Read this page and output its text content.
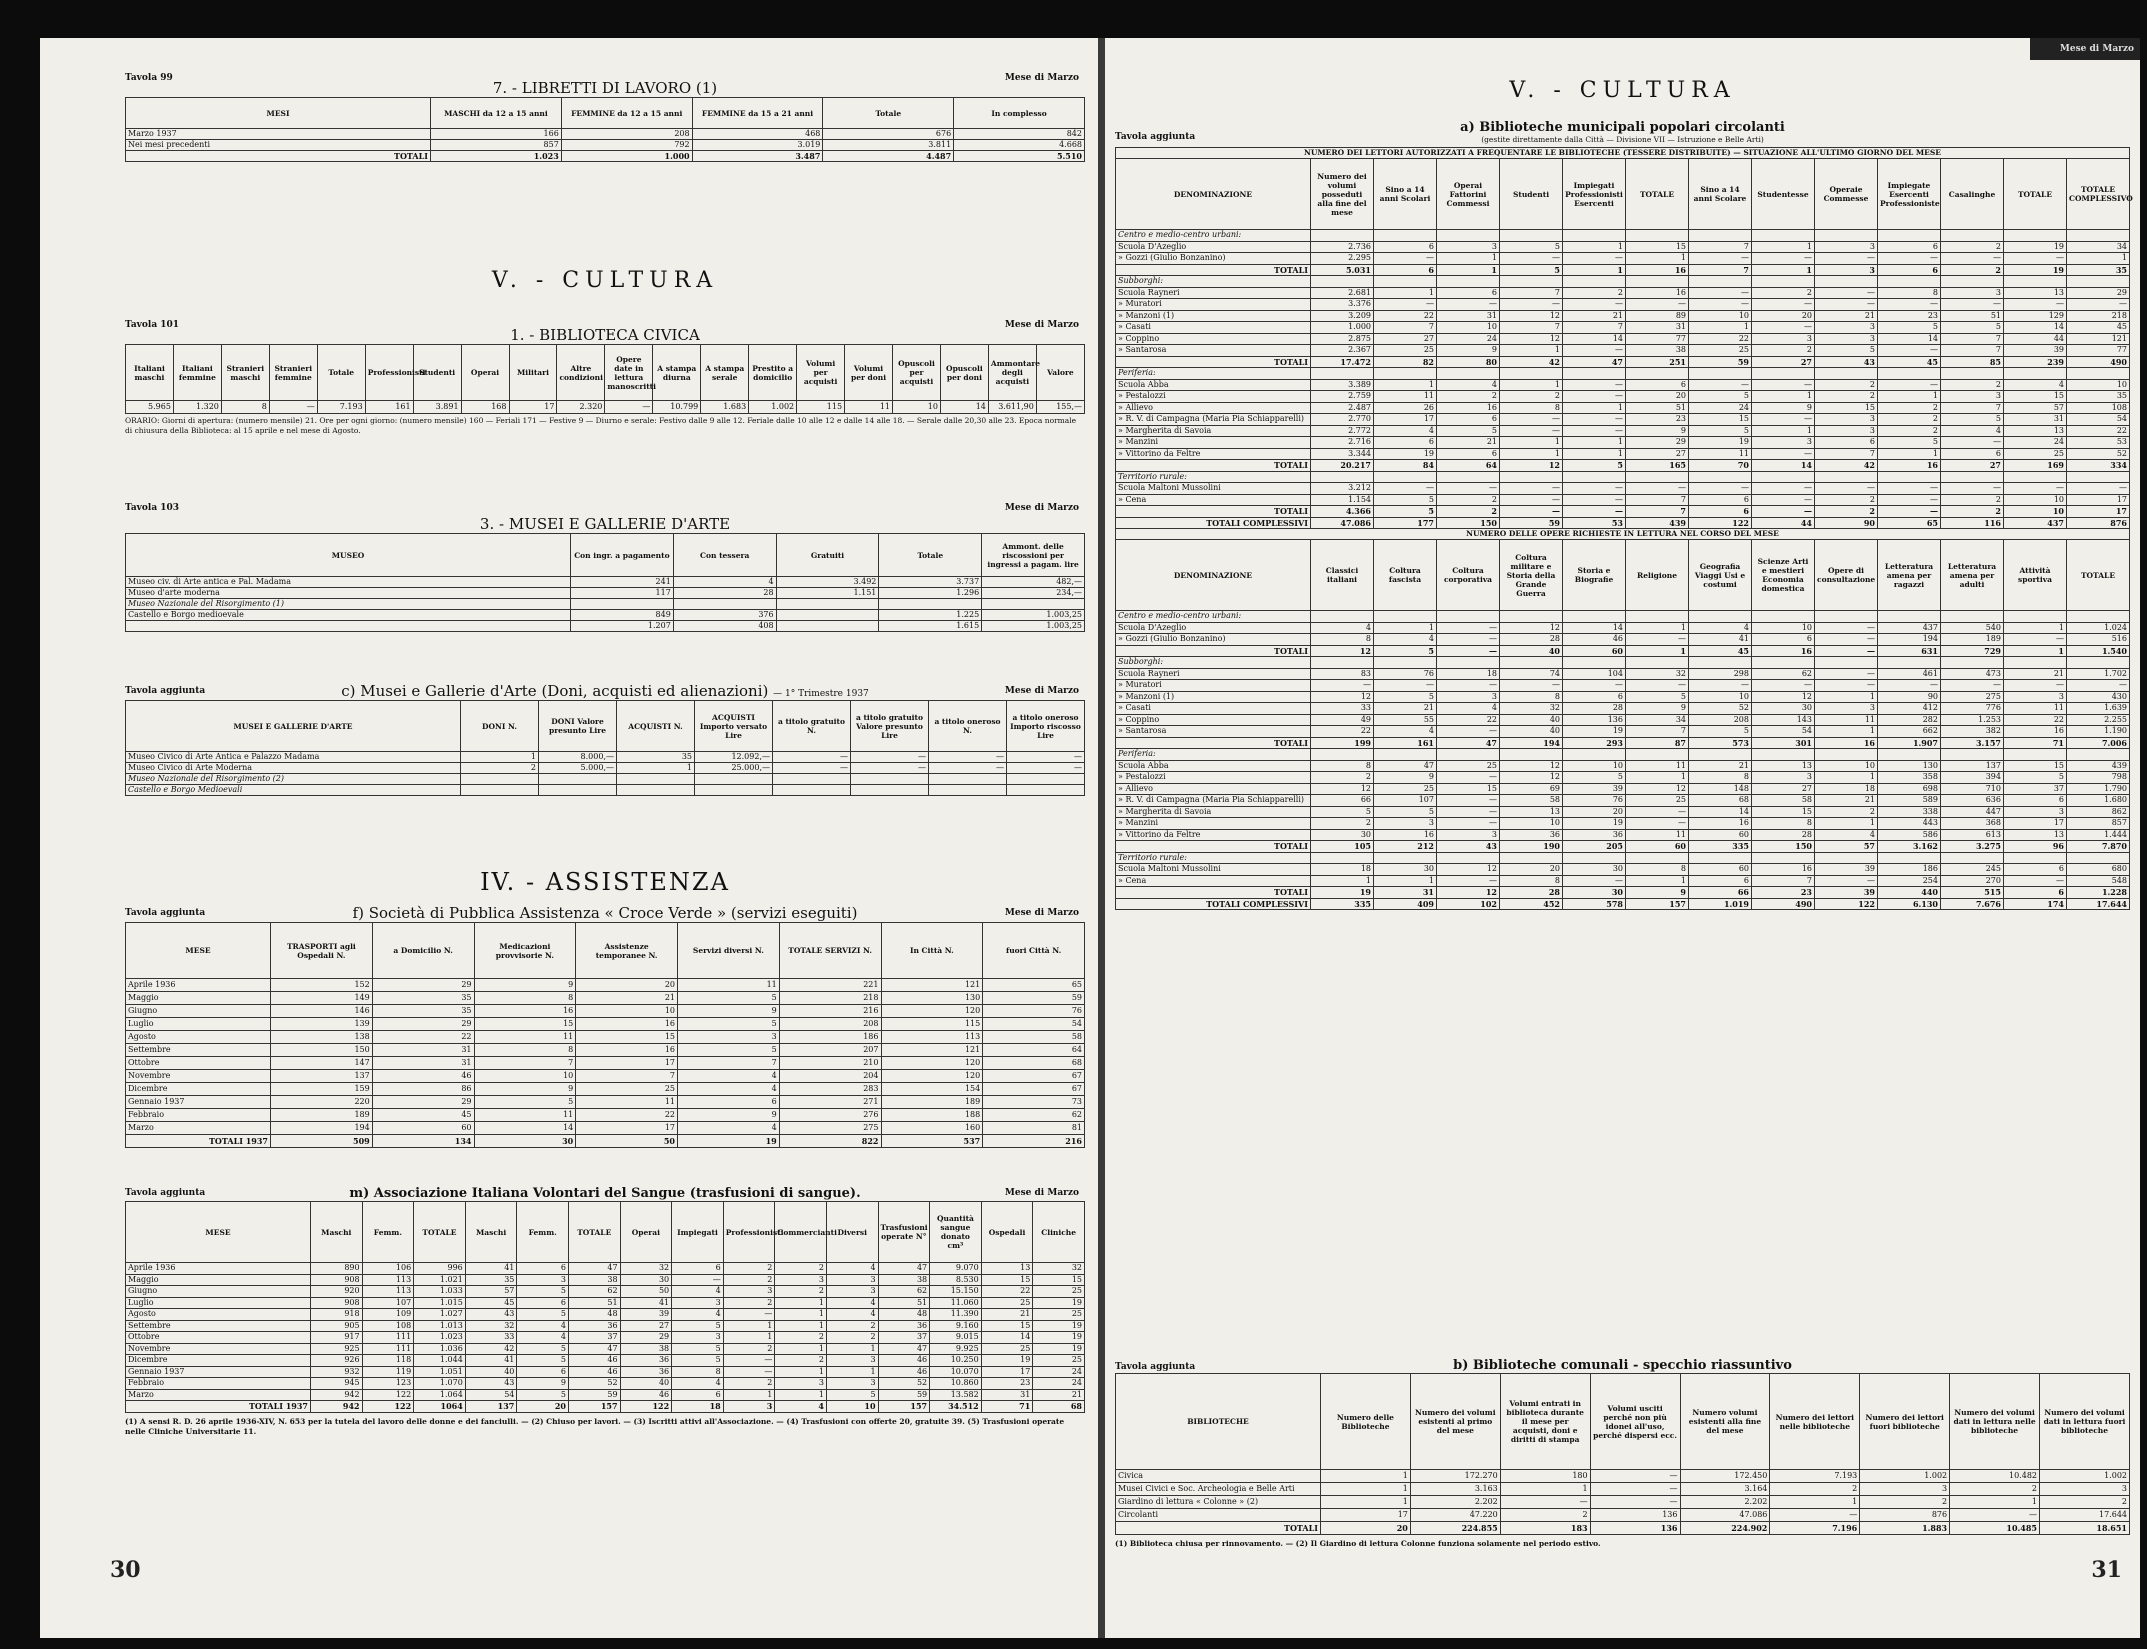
Tavola 99	Mese di Marzo
7. - LIBRETTI DI LAVORO (1)
MESI	MASCHI da 12 a 15 anni	FEMMINE da 12 a 15 anni	FEMMINE da 15 a 21 anni	Totale	In complesso
Marzo 1937	166	208	468	676	842
Nei mesi precedenti	857	792	3.019	3.811	4.668
TOTALI	1.023	1.000	3.487	4.487	5.510
V. - CULTURA
Tavola 101	Mese di Marzo
1. - BIBLIOTECA CIVICA
Italiani maschi	Italiani femmine	Stranieri maschi	Stranieri femmine	Totale	Professionisti	Studenti	Operai	Militari	Altre condizioni	Opere date in lettura manoscritti	A stampa diurna	A stampa serale	Prestito a domicilio	Volumi per acquisti	Volumi per doni	Opuscoli per acquisti	Opuscoli per doni	Ammontare degli acquisti	Valore
5.965	1.320	8	—	7.193	161	3.891	168	17	2.320	—	10.799	1.683	1.002	115	11	10	14	3.611,90	155,—
ORARIO: Giorni di apertura: (numero mensile) 21. Ore per ogni giorno: (numero mensile) 160 — Feriali 171 — Festive 9 — Diurno e serale: Festivo dalle 9 alle 12. Feriale dalle 10 alle 12 e dalle 14 alle 18. — Serale dalle 20,30 alle 23. Epoca normale di chiusura della Biblioteca: al 15 aprile e nel mese di Agosto.
Tavola 103	Mese di Marzo
3. - MUSEI E GALLERIE D'ARTE
MUSEO	Con ingr. a pagamento	Con tessera	Gratuiti	Totale	Ammont. delle riscossioni per ingressi a pagam. lire
Museo civ. di Arte antica e Pal. Madama	241	4	3.492	3.737	482,—
Museo d'arte moderna	117	28	1.151	1.296	234,—
Museo Nazionale del Risorgimento (1)					
Castello e Borgo medioevale	849	376		1.225	1.003,25
	1.207	408		1.615	1.003,25
Tavola aggiunta	Mese di Marzo
c) Musei e Gallerie d'Arte (Doni, acquisti ed alienazioni) — 1° Trimestre 1937
MUSEI E GALLERIE D'ARTE	DONI N.	DONI Valore presunto Lire	ACQUISTI N.	ACQUISTI Importo versato Lire	a titolo gratuito N.	a titolo gratuito Valore presunto Lire	a titolo oneroso N.	a titolo oneroso Importo riscosso Lire
Museo Civico di Arte Antica e Palazzo Madama	1	8.000,—	35	12.092,—	—	—	—	—
Museo Civico di Arte Moderna	2	5.000,—	1	25.000,—	—	—	—	—
Museo Nazionale del Risorgimento (2)								
Castello e Borgo Medioevali								
IV. - ASSISTENZA
Tavola aggiunta	Mese di Marzo
f) Società di Pubblica Assistenza « Croce Verde » (servizi eseguiti)
MESE	TRASPORTI agli Ospedali N.	a Domicilio N.	Medicazioni provvisorie N.	Assistenze temporanee N.	Servizi diversi N.	TOTALE SERVIZI N.	In Città N.	fuori Città N.
Aprile 1936	152	29	9	20	11	221	121	65
Maggio	149	35	8	21	5	218	130	59
Giugno	146	35	16	10	9	216	120	76
Luglio	139	29	15	16	5	208	115	54
Agosto	138	22	11	15	3	186	113	58
Settembre	150	31	8	16	5	207	121	64
Ottobre	147	31	7	17	7	210	120	68
Novembre	137	46	10	7	4	204	120	67
Dicembre	159	86	9	25	4	283	154	67
Gennaio 1937	220	29	5	11	6	271	189	73
Febbraio	189	45	11	22	9	276	188	62
Marzo	194	60	14	17	4	275	160	81
TOTALI 1937	509	134	30	50	19	822	537	216
Tavola aggiunta	Mese di Marzo
m) Associazione Italiana Volontari del Sangue (trasfusioni di sangue).
MESE	Maschi	Femm.	TOTALE	Maschi	Femm.	TOTALE	Operai	Impiegati	Professionisti	Commercianti	Diversi	Trasfusioni operate N°	Quantità sangue donato cm³	Ospedali	Cliniche
Aprile 1936	890	106	996	41	6	47	32	6	2	2	4	47	9.070	13	32
Maggio	908	113	1.021	35	3	38	30	—	2	3	3	38	8.530	15	15
Giugno	920	113	1.033	57	5	62	50	4	3	2	3	62	15.150	22	25
Luglio	908	107	1.015	45	6	51	41	3	2	1	4	51	11.060	25	19
Agosto	918	109	1.027	43	5	48	39	4	—	1	4	48	11.390	21	25
Settembre	905	108	1.013	32	4	36	27	5	1	1	2	36	9.160	15	19
Ottobre	917	111	1.023	33	4	37	29	3	1	2	2	37	9.015	14	19
Novembre	925	111	1.036	42	5	47	38	5	2	1	1	47	9.925	25	19
Dicembre	926	118	1.044	41	5	46	36	5	—	2	3	46	10.250	19	25
Gennaio 1937	932	119	1.051	40	6	46	36	8	—	1	1	46	10.070	17	24
Febbraio	945	123	1.070	43	9	52	40	4	2	3	3	52	10.860	23	24
Marzo	942	122	1.064	54	5	59	46	6	1	1	5	59	13.582	31	21
TOTALI 1937	942	122	1064	137	20	157	122	18	3	4	10	157	34.512	71	68
(1) A sensi R. D. 26 aprile 1936-XIV, N. 653 per la tutela del lavoro delle donne e dei fanciulli. — (2) Chiuso per lavori. — (3) Iscritti attivi all'Associazione. — (4) Trasfusioni con offerte 20, gratuite 39. (5) Trasfusioni operate nelle Cliniche Universitarie 11.
30
Mese di Marzo
V. - CULTURA
Tavola aggiunta
a) Biblioteche municipali popolari circolanti
(gestite direttamente dalla Città — Divisione VII — Istruzione e Belle Arti)
NUMERO DEI LETTORI AUTORIZZATI A FREQUENTARE LE BIBLIOTECHE (TESSERE DISTRIBUITE) — SITUAZIONE ALL'ULTIMO GIORNO DEL MESE
DENOMINAZIONE	Numero dei volumi posseduti alla fine del mese	Sino a 14 anni Scolari	Operai Fattorini Commessi	Studenti	Impiegati Professionisti Esercenti	TOTALE	Sino a 14 anni Scolare	Studentesse	Operaie Commesse	Impiegate Esercenti Professioniste	Casalinghe	TOTALE	TOTALE COMPLESSIVO
Centro e medio-centro urbani:													
Scuola D'Azeglio	2.736	6	3	5	1	15	7	1	3	6	2	19	34
» Gozzi (Giulio Bonzanino)	2.295	—	1	—	—	1	—	—	—	—	—	—	1
TOTALI	5.031	6	1	5	1	16	7	1	3	6	2	19	35
Subborghi:													
Scuola Rayneri	2.681	1	6	7	2	16	—	2	—	8	3	13	29
» Muratori	3.376	—	—	—	—	—	—	—	—	—	—	—	—
» Manzoni (1)	3.209	22	31	12	21	89	10	20	21	23	51	129	218
» Casati	1.000	7	10	7	7	31	1	—	3	5	5	14	45
» Coppino	2.875	27	24	12	14	77	22	3	3	14	7	44	121
» Santarosa	2.367	25	9	1	—	38	25	2	5	—	7	39	77
TOTALI	17.472	82	80	42	47	251	59	27	43	45	85	239	490
Periferia:													
Scuola Abba	3.389	1	4	1	—	6	—	—	2	—	2	4	10
» Pestalozzi	2.759	11	2	2	—	20	5	1	2	1	3	15	35
» Allievo	2.487	26	16	8	1	51	24	9	15	2	7	57	108
» R. V. di Campagna (Maria Pia Schiapparelli)	2.770	17	6	—	—	23	15	—	3	2	5	31	54
» Margherita di Savoia	2.772	4	5	—	—	9	5	1	3	2	4	13	22
» Manzini	2.716	6	21	1	1	29	19	3	6	5	—	24	53
» Vittorino da Feltre	3.344	19	6	1	1	27	11	—	7	1	6	25	52
TOTALI	20.217	84	64	12	5	165	70	14	42	16	27	169	334
Territorio rurale:													
Scuola Maltoni Mussolini	3.212	—	—	—	—	—	—	—	—	—	—	—	—
» Cena	1.154	5	2	—	—	7	6	—	2	—	2	10	17
TOTALI	4.366	5	2	—	—	7	6	—	2	—	2	10	17
TOTALI COMPLESSIVI	47.086	177	150	59	53	439	122	44	90	65	116	437	876
NUMERO DELLE OPERE RICHIESTE IN LETTURA NEL CORSO DEL MESE
DENOMINAZIONE	Classici italiani	Coltura fascista	Coltura corporativa	Coltura militare e Storia della Grande Guerra	Storia e Biografie	Religione	Geografia Viaggi Usi e costumi	Scienze Arti e mestieri Economia domestica	Opere di consultazione	Letteratura amena per ragazzi	Letteratura amena per adulti	Attività sportiva	TOTALE
Centro e medio-centro urbani:													
Scuola D'Azeglio	4	1	—	12	14	1	4	10	—	437	540	1	1.024
» Gozzi (Giulio Bonzanino)	8	4	—	28	46	—	41	6	—	194	189	—	516
TOTALI	12	5	—	40	60	1	45	16	—	631	729	1	1.540
Subborghi:													
Scuola Rayneri	83	76	18	74	104	32	298	62	—	461	473	21	1.702
» Muratori	—	—	—	—	—	—	—	—	—	—	—	—	—
» Manzoni (1)	12	5	3	8	6	5	10	12	1	90	275	3	430
» Casati	33	21	4	32	28	9	52	30	3	412	776	11	1.639
» Coppino	49	55	22	40	136	34	208	143	11	282	1.253	22	2.255
» Santarosa	22	4	—	40	19	7	5	54	1	662	382	16	1.190
TOTALI	199	161	47	194	293	87	573	301	16	1.907	3.157	71	7.006
Periferia:													
Scuola Abba	8	47	25	12	10	11	21	13	10	130	137	15	439
» Pestalozzi	2	9	—	12	5	1	8	3	1	358	394	5	798
» Allievo	12	25	15	69	39	12	148	27	18	698	710	37	1.790
» R. V. di Campagna (Maria Pia Schiapparelli)	66	107	—	58	76	25	68	58	21	589	636	6	1.680
» Margherita di Savoia	5	5	—	13	20	—	14	15	2	338	447	3	862
» Manzini	2	3	—	10	19	—	16	8	1	443	368	17	857
» Vittorino da Feltre	30	16	3	36	36	11	60	28	4	586	613	13	1.444
TOTALI	105	212	43	190	205	60	335	150	57	3.162	3.275	96	7.870
Territorio rurale:													
Scuola Maltoni Mussolini	18	30	12	20	30	8	60	16	39	186	245	6	680
» Cena	1	1	—	8	—	1	6	7	—	254	270	—	548
TOTALI	19	31	12	28	30	9	66	23	39	440	515	6	1.228
TOTALI COMPLESSIVI	335	409	102	452	578	157	1.019	490	122	6.130	7.676	174	17.644
Tavola aggiunta	b) Biblioteche comunali - specchio riassuntivo
BIBLIOTECHE	Numero delle Biblioteche	Numero dei volumi esistenti al primo del mese	Volumi entrati in biblioteca durante il mese per acquisti, doni e diritti di stampa	Volumi usciti perché non più idonei all'uso, perché dispersi ecc.	Numero volumi esistenti alla fine del mese	Numero dei lettori nelle biblioteche	Numero dei lettori fuori biblioteche	Numero dei volumi dati in lettura nelle biblioteche	Numero dei volumi dati in lettura fuori biblioteche
Civica	1	172.270	180	—	172.450	7.193	1.002	10.482	1.002
Musei Civici e Soc. Archeologia e Belle Arti	1	3.163	1	—	3.164	2	3	2	3
Giardino di lettura « Colonne » (2)	1	2.202	—	—	2.202	1	2	1	2
Circolanti	17	47.220	2	136	47.086	—	876	—	17.644
TOTALI	20	224.855	183	136	224.902	7.196	1.883	10.485	18.651
(1) Biblioteca chiusa per rinnovamento. — (2) Il Giardino di lettura Colonne funziona solamente nel periodo estivo.
31
